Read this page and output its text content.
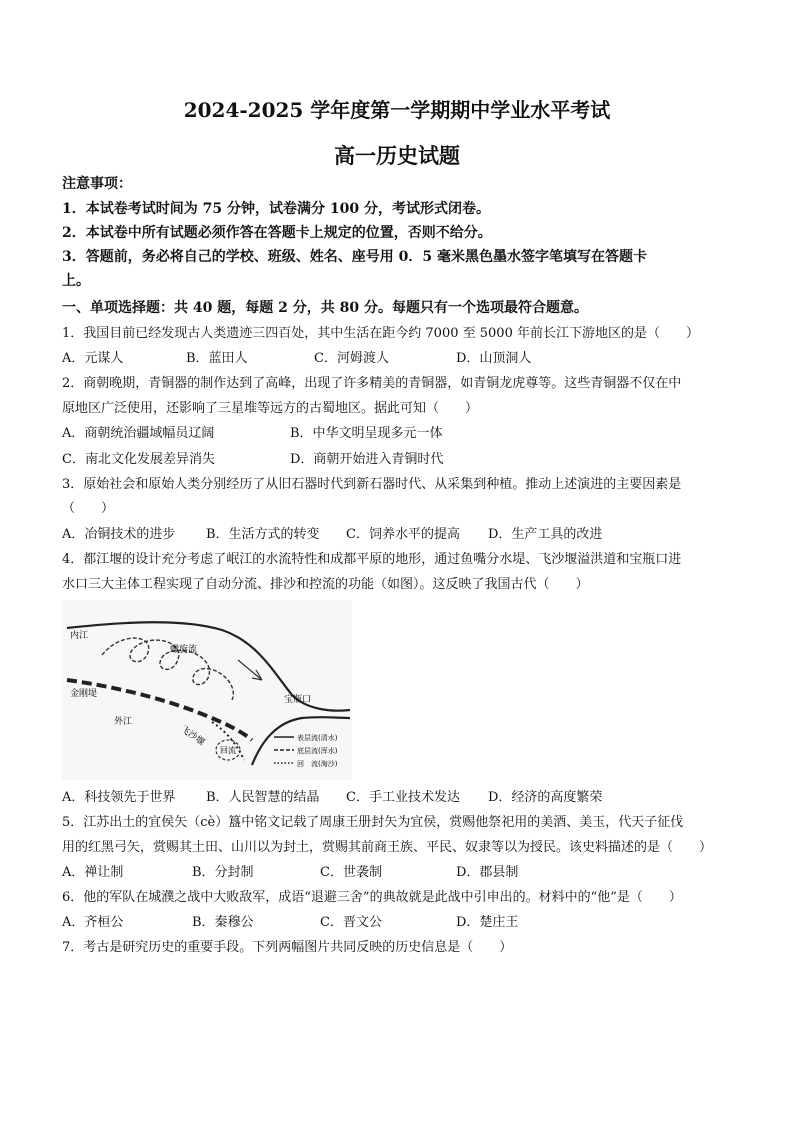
2024-2025 学年度第一学期期中学业水平考试
高一历史试题
注意事项：
1．本试卷考试时间为 75 分钟，试卷满分 100 分，考试形式闭卷。
2．本试卷中所有试题必须作答在答题卡上规定的位置，否则不给分。
3．答题前，务必将自己的学校、班级、姓名、座号用 0．5 毫米黑色墨水签字笔填写在答题卡
上。
一、单项选择题：共 40 题，每题 2 分，共 80 分。每题只有一个选项最符合题意。
1．我国目前已经发现古人类遗迹三四百处，其中生活在距今约 7000 至 5000 年前长江下游地区的是（　　）
A．元谋人	B．蓝田人	C．河姆渡人	D．山顶洞人
2．商朝晚期，青铜器的制作达到了高峰，出现了许多精美的青铜器，如青铜龙虎尊等。这些青铜器不仅在中
原地区广泛使用，还影响了三星堆等远方的古蜀地区。据此可知（　　）
A．商朝统治疆域幅员辽阔	B．中华文明呈现多元一体
C．南北文化发展差异消失	D．商朝开始进入青铜时代
3．原始社会和原始人类分别经历了从旧石器时代到新石器时代、从采集到种植。推动上述演进的主要因素是
（　　）
A．冶铜技术的进步 B．生活方式的转变 C．饲养水平的提高 D．生产工具的改进
4．都江堰的设计充分考虑了岷江的水流特性和成都平原的地形，通过鱼嘴分水堤、飞沙堰溢洪道和宝瓶口进
水口三大主体工程实现了自动分流、排沙和控流的功能（如图）。这反映了我国古代（　　）
内江
螺旋流
金刚堤
外江
飞沙堰
回流
宝瓶口
表层流(清水)
底层流(浑水)
回　流(淘沙)
A．科技领先于世界 B．人民智慧的结晶 C．手工业技术发达 D．经济的高度繁荣
5．江苏出土的宜侯矢（cè）簋中铭文记载了周康王册封矢为宜侯，赏赐他祭祀用的美酒、美玉，代天子征伐
用的红黑弓矢，赏赐其土田、山川以为封土，赏赐其前商王族、平民、奴隶等以为授民。该史料描述的是（　　）
A．禅让制	B．分封制	C．世袭制	D．郡县制
6．他的军队在城濮之战中大败敌军，成语“退避三舍”的典故就是此战中引申出的。材料中的“他”是（　　）
A．齐桓公	B．秦穆公	C．晋文公	D．楚庄王
7．考古是研究历史的重要手段。下列两幅图片共同反映的历史信息是（　　）
